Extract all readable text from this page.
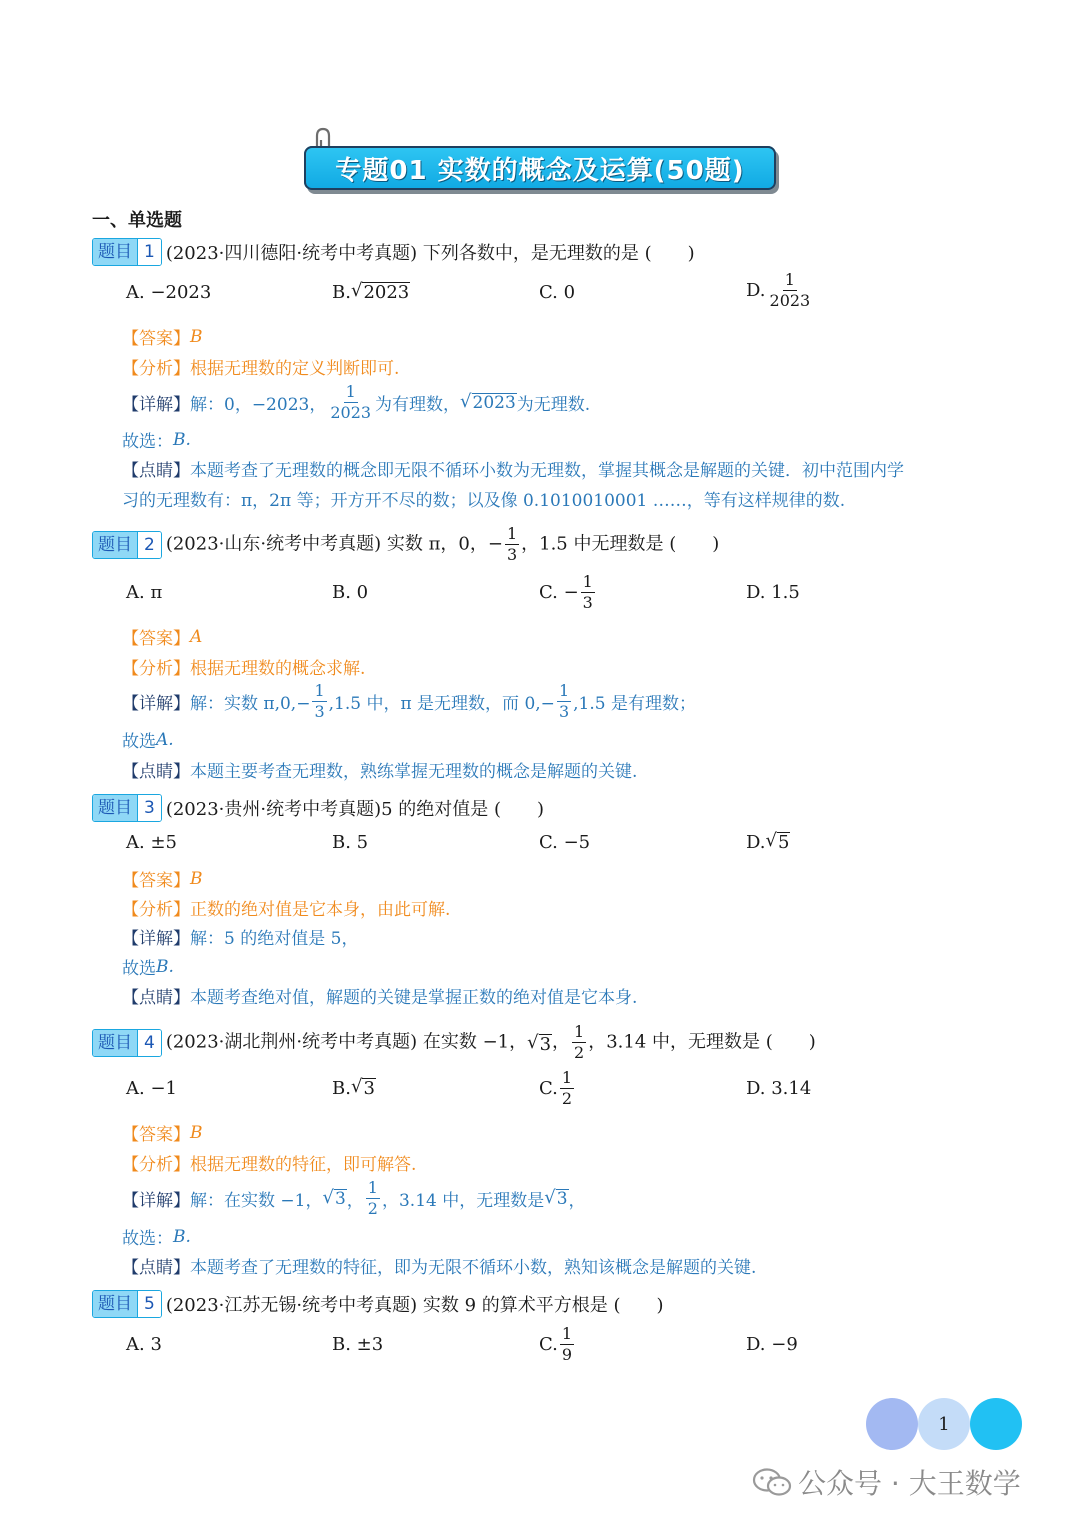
专题01 实数的概念及运算(50题)
一、单选题
题目 1 (2023·四川德阳·统考中考真题) 下列各数中，是无理数的是 (　　)
A. −2023	B. √ 2023	C. 0	D. $\frac{1}{2023}$
【答案】 B
【分析】 根据无理数的定义判断即可.
【详解】 解：0，−2023， $\frac{1}{2023}$ 为有理数， √ 2023 为无理数.
故选： B.
【点睛】 本题考查了无理数的概念即无限不循环小数为无理数，掌握其概念是解题的关键．初中范围内学
习的无理数有：π，2π 等；开方开不尽的数；以及像 0.1010010001 ……，等有这样规律的数.
题目 2 (2023·山东·统考中考真题) 实数 π，0，− $\frac{1}{3}$ ，1.5 中无理数是 (　　)
A. π	B. 0	C. − $\frac{1}{3}$	D. 1.5
【答案】 A
【分析】 根据无理数的概念求解.
【详解】 解：实数 $\pi,0,- \frac{1}{3} ,1.5$ 中，π 是无理数，而 $0,- \frac{1}{3} ,1.5$ 是有理数；
故选 A.
【点睛】 本题主要考查无理数，熟练掌握无理数的概念是解题的关键.
题目 3 (2023·贵州·统考中考真题)5 的绝对值是 (　　)
A. ±5	B. 5	C. −5	D. √ 5
【答案】 B
【分析】 正数的绝对值是它本身，由此可解.
【详解】 解：5 的绝对值是 5，
故选 B.
【点睛】 本题考查绝对值，解题的关键是掌握正数的绝对值是它本身.
题目 4 (2023·湖北荆州·统考中考真题) 在实数 −1， √ 3 ， $\frac{1}{2}$ ，3.14 中，无理数是 (　　)
A. −1	B. √ 3	C. $\frac{1}{2}$	D. 3.14
【答案】 B
【分析】 根据无理数的特征，即可解答.
【详解】 解：在实数 −1， √ 3 ， $\frac{1}{2}$ ，3.14 中，无理数是 √ 3 ，
故选： B.
【点睛】 本题考查了无理数的特征，即为无限不循环小数，熟知该概念是解题的关键.
题目 5 (2023·江苏无锡·统考中考真题) 实数 9 的算术平方根是 (　　)
A. 3	B. ±3	C. $\frac{1}{9}$	D. −9
1
公众号 · 大王数学
